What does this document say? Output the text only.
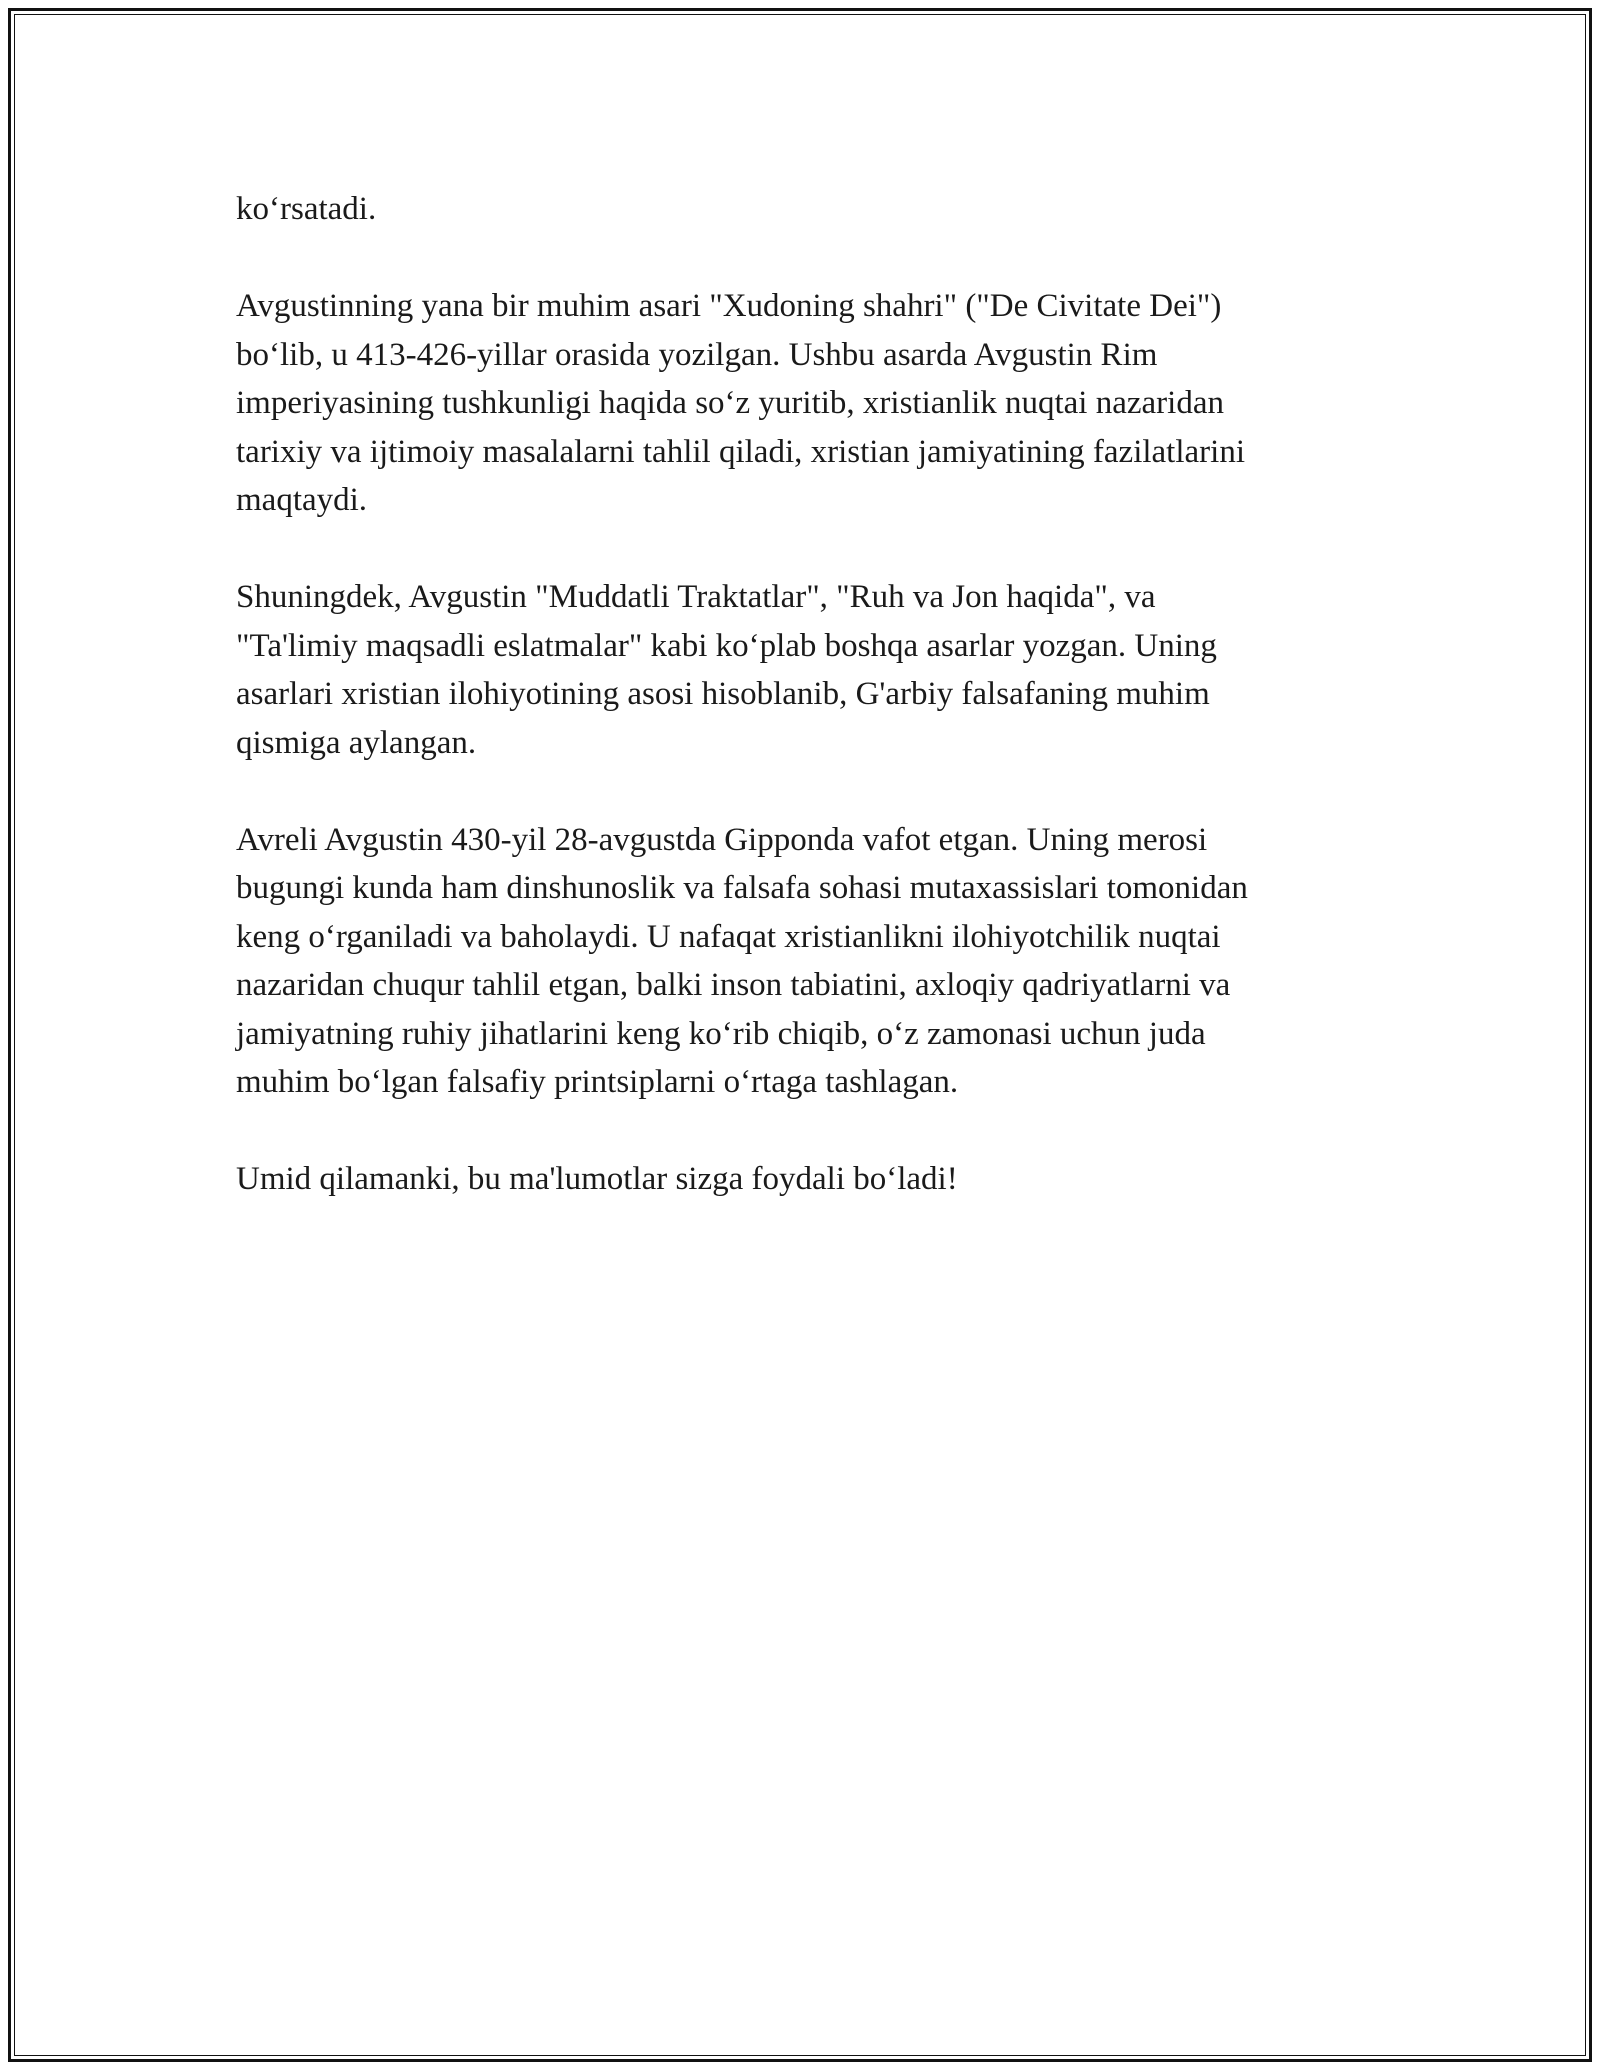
ko‘rsatadi.

Avgustinning yana bir muhim asari "Xudoning shahri" ("De Civitate Dei")
bo‘lib, u 413-426-yillar orasida yozilgan. Ushbu asarda Avgustin Rim
imperiyasining tushkunligi haqida so‘z yuritib, xristianlik nuqtai nazaridan
tarixiy va ijtimoiy masalalarni tahlil qiladi, xristian jamiyatining fazilatlarini
maqtaydi.

Shuningdek, Avgustin "Muddatli Traktatlar", "Ruh va Jon haqida", va
"Ta'limiy maqsadli eslatmalar" kabi ko‘plab boshqa asarlar yozgan. Uning
asarlari xristian ilohiyotining asosi hisoblanib, G'arbiy falsafaning muhim
qismiga aylangan.

Avreli Avgustin 430-yil 28-avgustda Gipponda vafot etgan. Uning merosi
bugungi kunda ham dinshunoslik va falsafa sohasi mutaxassislari tomonidan
keng o‘rganiladi va baholaydi. U nafaqat xristianlikni ilohiyotchilik nuqtai
nazaridan chuqur tahlil etgan, balki inson tabiatini, axloqiy qadriyatlarni va
jamiyatning ruhiy jihatlarini keng ko‘rib chiqib, o‘z zamonasi uchun juda
muhim bo‘lgan falsafiy printsiplarni o‘rtaga tashlagan.

Umid qilamanki, bu ma'lumotlar sizga foydali bo‘ladi!
